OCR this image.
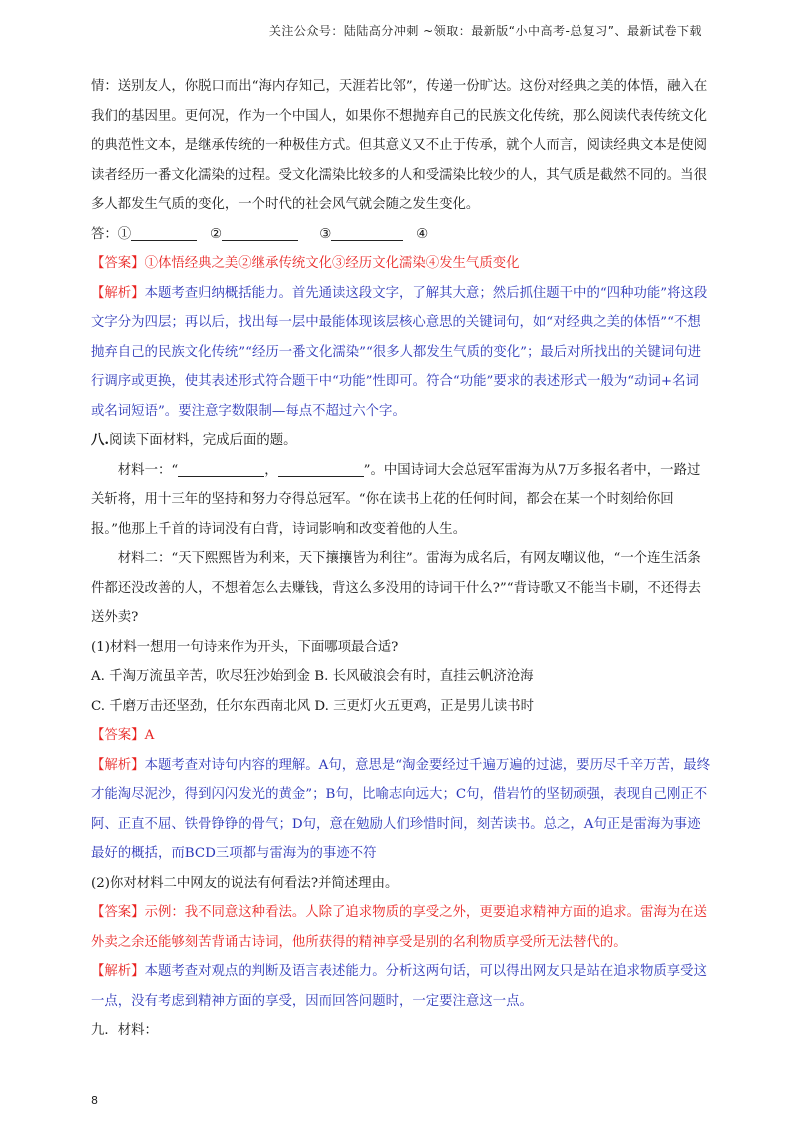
关注公众号：陆陆高分冲刺 ~领取：最新版“小中高考-总复习”、最新试卷下载

情：送别友人，你脱口而出“海内存知己，天涯若比邻”，传递一份旷达。这份对经典之美的体悟，融入在我们的基因里。更何况，作为一个中国人，如果你不想抛弃自己的民族文化传统，那么阅读代表传统文化的典范性文本，是继承传统的一种极佳方式。但其意义又不止于传承，就个人而言，阅读经典文本是使阅读者经历一番文化濡染的过程。受文化濡染比较多的人和受濡染比较少的人，其气质是截然不同的。当很多人都发生气质的变化，一个时代的社会风气就会随之发生变化。

答：①	②	③	④

【答案】①体悟经典之美②继承传统文化③经历文化濡染④发生气质变化

【解析】本题考查归纳概括能力。首先通读这段文字，了解其大意；然后抓住题干中的“四种功能”将这段文字分为四层；再以后，找出每一层中最能体现该层核心意思的关键词句，如“对经典之美的体悟”“不想抛弃自己的民族文化传统”“经历一番文化濡染”“很多人都发生气质的变化”；最后对所找出的关键词句进行调序或更换，使其表述形式符合题干中“功能”性即可。符合“功能”要求的表述形式一般为“动词+名词或名词短语”。要注意字数限制—每点不超过六个字。

八.阅读下面材料，完成后面的题。

材料一：“	，	”。中国诗词大会总冠军雷海为从7万多报名者中，一路过关斩将，用十三年的坚持和努力夺得总冠军。“你在读书上花的任何时间，都会在某一个时刻给你回报。”他那上千首的诗词没有白背，诗词影响和改变着他的人生。

材料二：“天下熙熙皆为利来，天下攘攘皆为利往”。雷海为成名后，有网友嘲议他，“一个连生活条件都还没改善的人，不想着怎么去赚钱，背这么多没用的诗词干什么?”“背诗歌又不能当卡刷，不还得去送外卖?

(1)材料一想用一句诗来作为开头，下面哪项最合适?

A. 千淘万流虽辛苦，吹尽狂沙始到金 B. 长风破浪会有时，直挂云帆济沧海

C. 千磨万击还坚劲，任尔东西南北风 D. 三更灯火五更鸡，正是男儿读书时

【答案】A

【解析】本题考查对诗句内容的理解。A句，意思是“淘金要经过千遍万遍的过滤，要历尽千辛万苦，最终才能淘尽泥沙，得到闪闪发光的黄金”；B句，比喻志向远大；C句，借岩竹的坚韧顽强，表现自己刚正不阿、正直不屈、铁骨铮铮的骨气；D句，意在勉励人们珍惜时间，刻苦读书。总之，A句正是雷海为事迹最好的概括，而BCD三项都与雷海为的事迹不符

(2)你对材料二中网友的说法有何看法?并简述理由。

【答案】示例：我不同意这种看法。人除了追求物质的享受之外，更要追求精神方面的追求。雷海为在送外卖之余还能够刻苦背诵古诗词，他所获得的精神享受是别的名利物质享受所无法替代的。

【解析】本题考查对观点的判断及语言表述能力。分析这两句话，可以得出网友只是站在追求物质享受这一点，没有考虑到精神方面的享受，因而回答问题时，一定要注意这一点。

九．材料：

8
